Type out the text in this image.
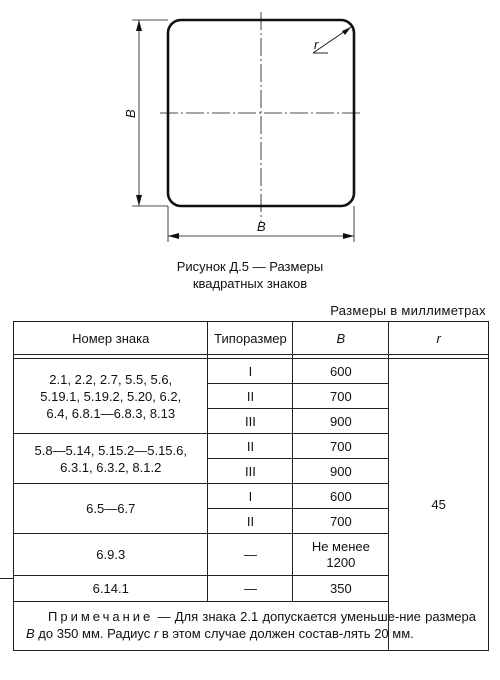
r
B
B
Рисунок Д.5 — Размеры
квадратных знаков
Размеры в миллиметрах
Номер знака	Типоразмер	B	r

2.1, 2.2, 2.7, 5.5, 5.6,
5.19.1, 5.19.2, 5.20, 6.2,
6.4, 6.8.1—6.8.3, 8.13	I	600	45
	II	700	
	III	900	

5.8—5.14, 5.15.2—5.15.6,
6.3.1, 6.3.2, 8.1.2	II	700	
	III	900	

6.5—6.7	I	600	
	II	700	

6.9.3	—	Не менее
1200	

6.14.1	—	350	
Примечание — Для знака 2.1 допускается уменьше-ние размера B до 350 мм. Радиус r в этом случае должен состав-лять 20 мм.			
